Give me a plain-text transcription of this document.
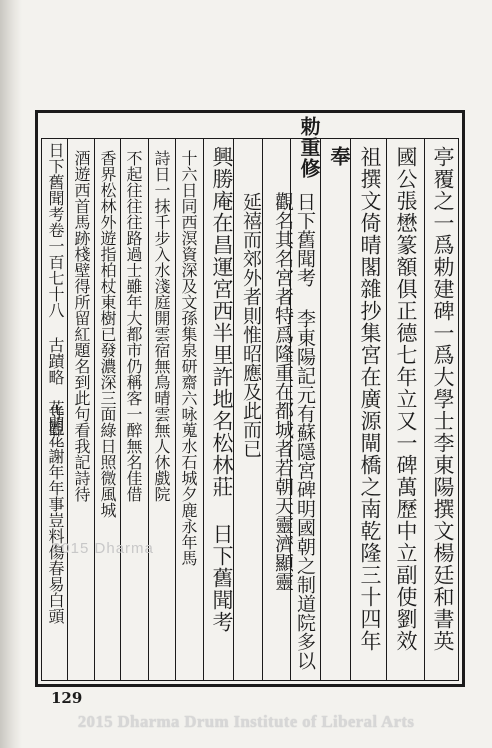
日下舊聞考卷一百七十八 古蹟略 寺觀一	亭覆之一爲勅建碑一爲大學士李東陽撰文楊廷和書英
國公張懋篆額俱正德七年立又一碑萬歷中立副使劉效
祖撰文倚晴閣雜抄集宮在廣源閘橋之南乾隆三十四年
奉
勅重修
日下舊聞考 李東陽記元有蘇隱宮碑明國朝之制道院多以觀名其名宮者特爲隆重在都城者若朝天靈濟顯靈
延禧而郊外者則惟昭應及此而已
興勝庵在昌運宮西半里許地名松林莊 日下舊聞考
十六日同西溟資深及文孫集泉研齋六咏蒐水石城夕鹿永年馬
詩日一抹千步入水淺庭開雲宿無鳥晴雲無人休戲院
不起往往往路過士雖年大都市仍稱客一醉無名佳借
香界松林外遊指柏杖東樹已發濃深三面綠日照微風城
酒遊西首馬跡棧壁得所留紅題名到此句看我記詩待
花開花謝年年事豈料傷春易白頭
2015 Dharma
129
2015 Dharma Drum Institute of Liberal Arts
